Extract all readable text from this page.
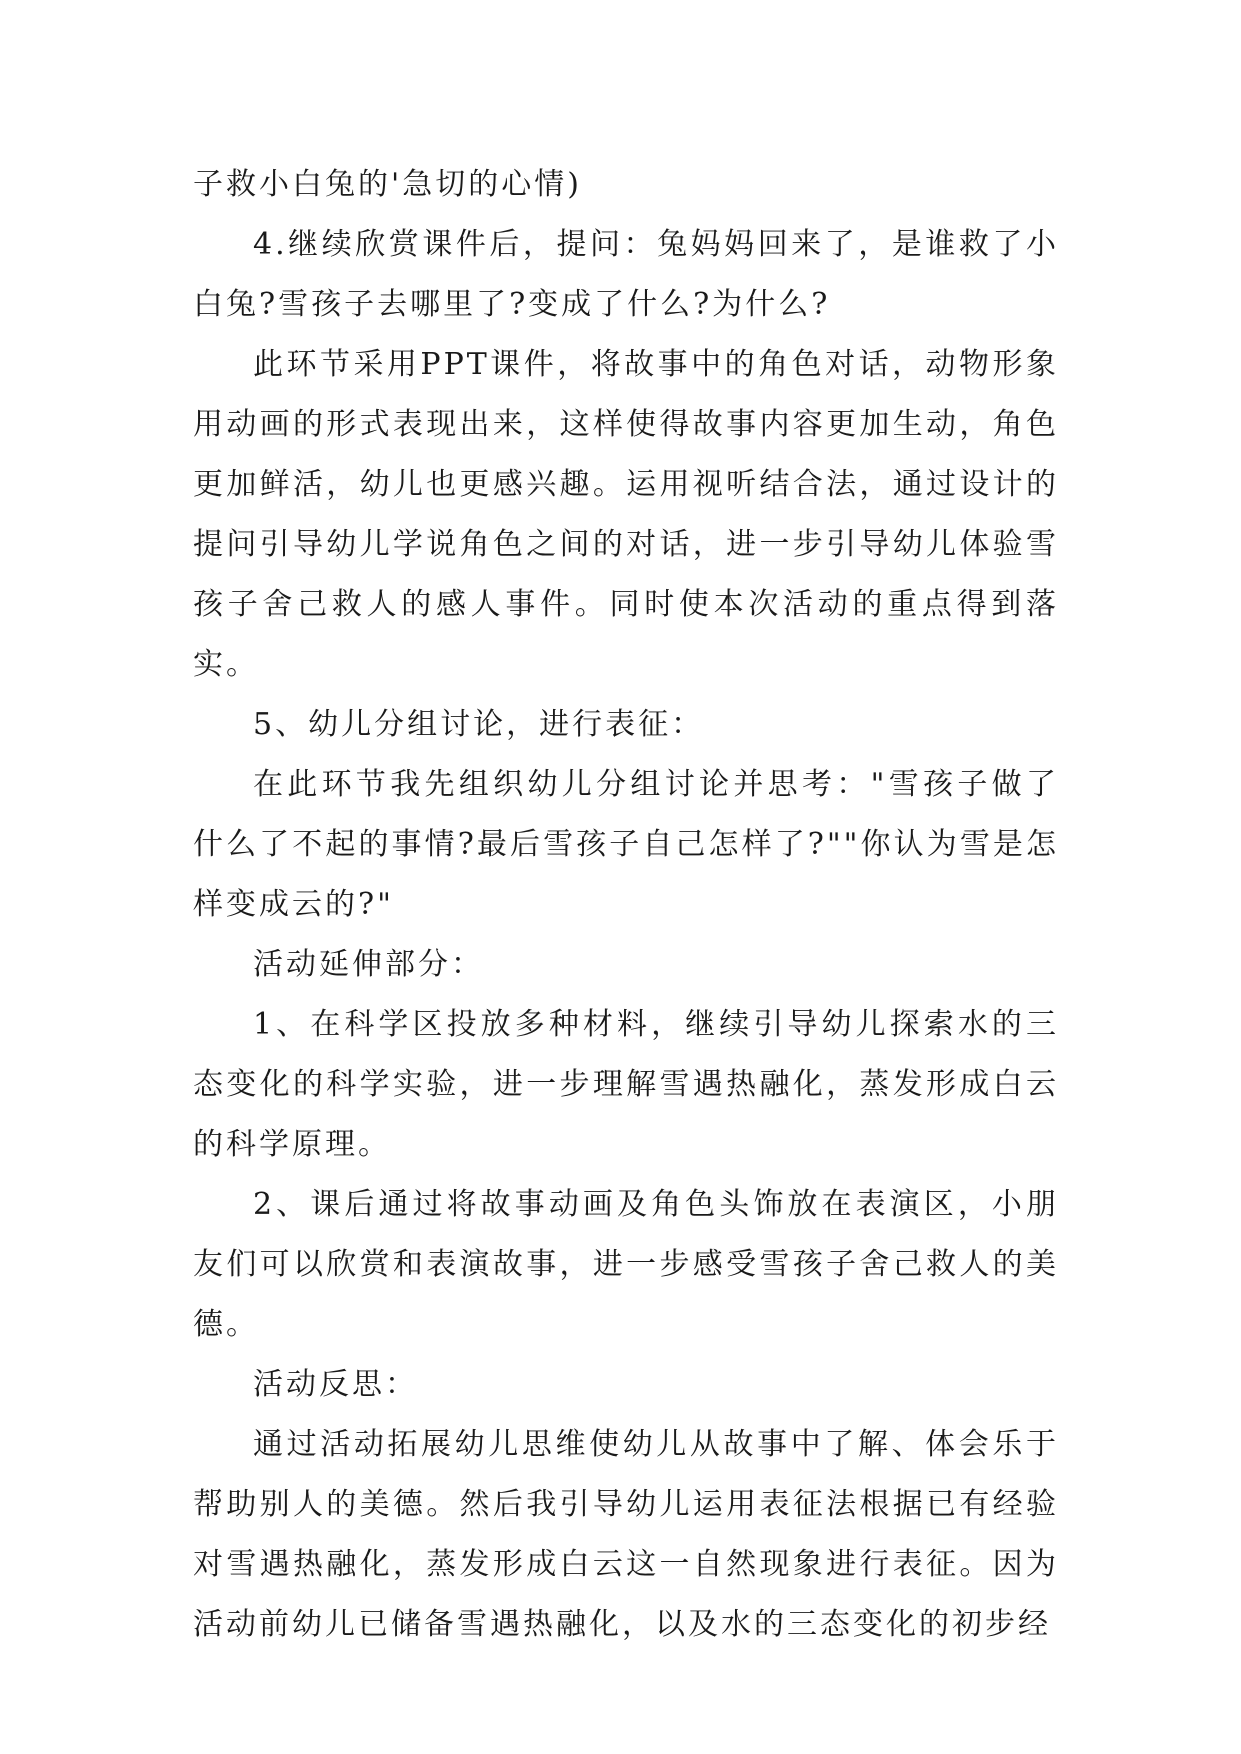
子救小白兔的'急切的心情)

4.继续欣赏课件后，提问：兔妈妈回来了，是谁救了小白兔?雪孩子去哪里了?变成了什么?为什么?

此环节采用PPT课件，将故事中的角色对话，动物形象用动画的形式表现出来，这样使得故事内容更加生动，角色更加鲜活，幼儿也更感兴趣。运用视听结合法，通过设计的提问引导幼儿学说角色之间的对话，进一步引导幼儿体验雪孩子舍己救人的感人事件。同时使本次活动的重点得到落实。

5、幼儿分组讨论，进行表征：

在此环节我先组织幼儿分组讨论并思考："雪孩子做了什么了不起的事情?最后雪孩子自己怎样了?""你认为雪是怎样变成云的?"

活动延伸部分：

1、在科学区投放多种材料，继续引导幼儿探索水的三态变化的科学实验，进一步理解雪遇热融化，蒸发形成白云的科学原理。

2、课后通过将故事动画及角色头饰放在表演区，小朋友们可以欣赏和表演故事，进一步感受雪孩子舍己救人的美德。

活动反思：

通过活动拓展幼儿思维使幼儿从故事中了解、体会乐于帮助别人的美德。然后我引导幼儿运用表征法根据已有经验对雪遇热融化，蒸发形成白云这一自然现象进行表征。因为活动前幼儿已储备雪遇热融化，以及水的三态变化的初步经
